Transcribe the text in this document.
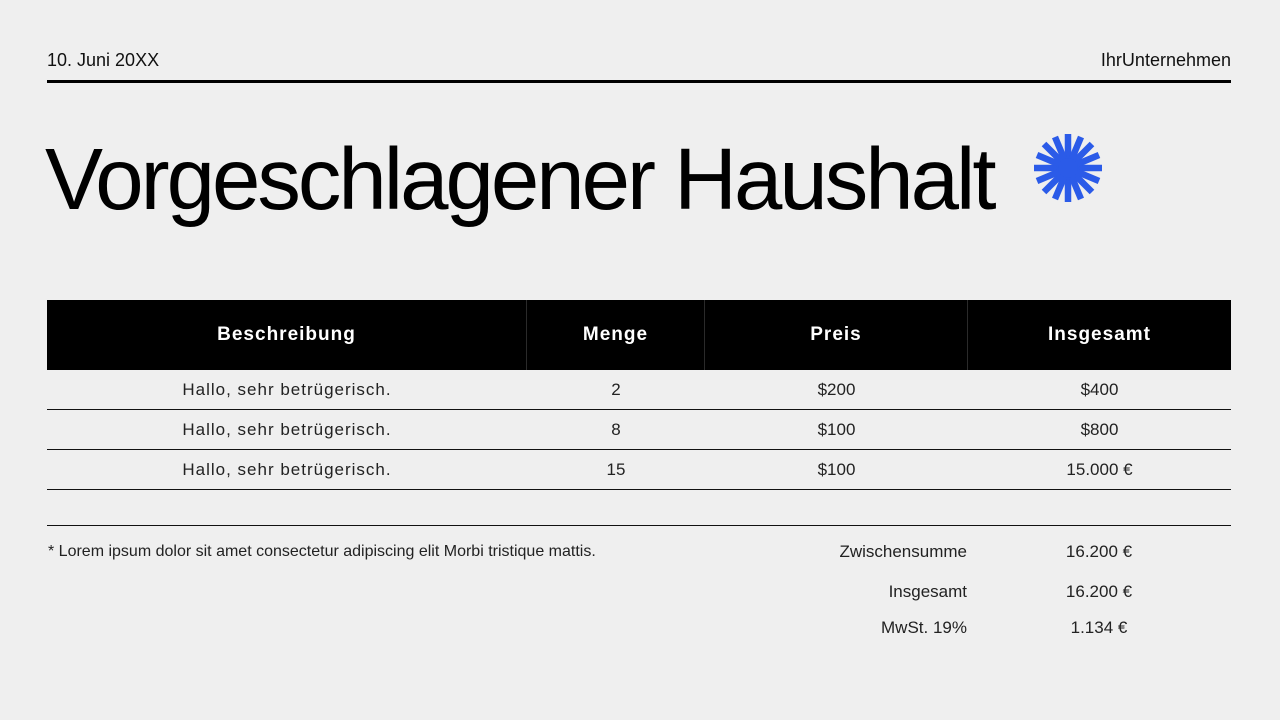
10. Juni 20XX	IhrUnternehmen
Vorgeschlagener Haushalt
Beschreibung	Menge	Preis	Insgesamt
Hallo, sehr betrügerisch.	2	$200	$400
Hallo, sehr betrügerisch.	8	$100	$800
Hallo, sehr betrügerisch.	15	$100	15.000 €
* Lorem ipsum dolor sit amet consectetur adipiscing elit Morbi tristique mattis.	Zwischensumme	16.200 €
Insgesamt	16.200 €
MwSt. 19%	1.134 €
